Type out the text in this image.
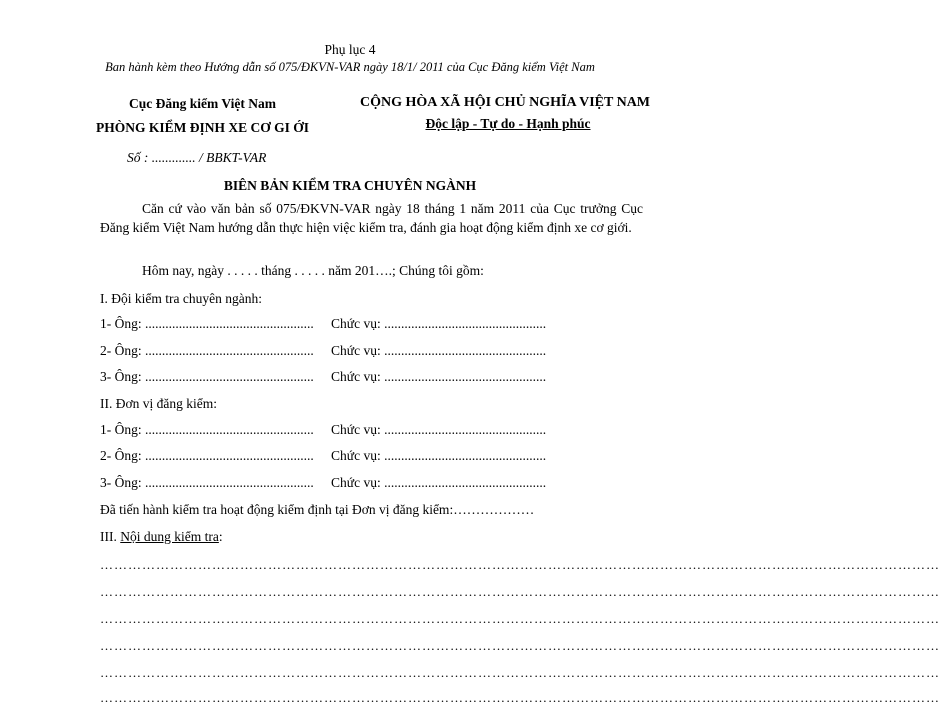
Phụ lục 4
Ban hành kèm theo Hướng dẫn số 075/ĐKVN-VAR ngày 18/1/ 2011 của Cục Đăng kiểm Việt Nam
Cục Đăng kiểm Việt Nam
PHÒNG KIỂM ĐỊNH XE CƠ GI ỚI
Số : ............. / BBKT-VAR
CỘNG HÒA XÃ HỘI CHỦ NGHĨA VIỆT NAM
Độc lập - Tự do - Hạnh phúc
BIÊN BẢN KIỂM TRA CHUYÊN NGÀNH
Căn cứ vào văn bản số 075/ĐKVN-VAR ngày 18 tháng 1 năm 2011 của Cục trưởng Cục Đăng kiểm Việt Nam hướng dẫn thực hiện việc kiểm tra, đánh gia hoạt động kiểm định xe cơ giới.
Hôm nay, ngày . . . . . tháng . . . . . năm 201….; Chúng tôi gồm:
I. Đội kiểm tra chuyên ngành:
1- Ông: .................................................. Chức vụ: ................................................
2- Ông: .................................................. Chức vụ: ................................................
3- Ông: .................................................. Chức vụ: ................................................
II. Đơn vị đăng kiểm:
1- Ông: .................................................. Chức vụ: ................................................
2- Ông: .................................................. Chức vụ: ................................................
3- Ông: .................................................. Chức vụ: ................................................
Đã tiến hành kiểm tra hoạt động kiểm định tại Đơn vị đăng kiểm:………………
III. Nội dung kiểm tra:
………………………………………………………………………………………………………………………………………………………………
………………………………………………………………………………………………………………………………………………………………
………………………………………………………………………………………………………………………………………………………………
………………………………………………………………………………………………………………………………………………………………
………………………………………………………………………………………………………………………………………………………………
………………………………………………………………………………………………………………………………………………………………
